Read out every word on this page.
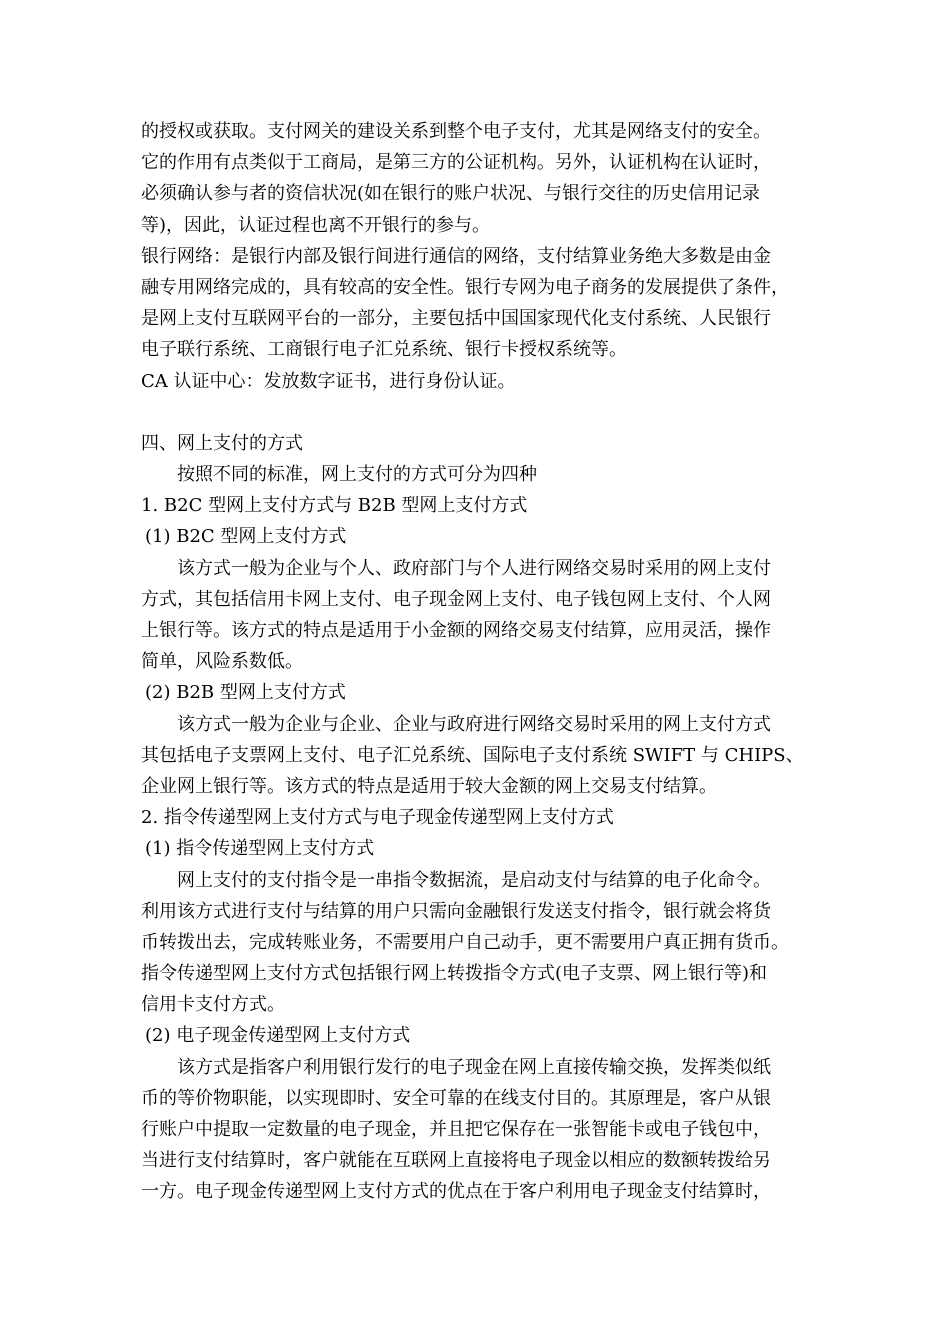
的授权或获取。支付网关的建设关系到整个电子支付，尤其是网络支付的安全。
它的作用有点类似于工商局，是第三方的公证机构。另外，认证机构在认证时，
必须确认参与者的资信状况(如在银行的账户状况、与银行交往的历史信用记录
等)，因此，认证过程也离不开银行的参与。
银行网络：是银行内部及银行间进行通信的网络，支付结算业务绝大多数是由金
融专用网络完成的，具有较高的安全性。银行专网为电子商务的发展提供了条件，
是网上支付互联网平台的一部分，主要包括中国国家现代化支付系统、人民银行
电子联行系统、工商银行电子汇兑系统、银行卡授权系统等。
CA 认证中心：发放数字证书，进行身份认证。
四、网上支付的方式
按照不同的标准，网上支付的方式可分为四种
1. B2C 型网上支付方式与 B2B 型网上支付方式
(1) B2C 型网上支付方式
该方式一般为企业与个人、政府部门与个人进行网络交易时采用的网上支付
方式，其包括信用卡网上支付、电子现金网上支付、电子钱包网上支付、个人网
上银行等。该方式的特点是适用于小金额的网络交易支付结算，应用灵活，操作
简单，风险系数低。
(2) B2B 型网上支付方式
该方式一般为企业与企业、企业与政府进行网络交易时采用的网上支付方式
其包括电子支票网上支付、电子汇兑系统、国际电子支付系统 SWIFT 与 CHIPS、
企业网上银行等。该方式的特点是适用于较大金额的网上交易支付结算。
2. 指令传递型网上支付方式与电子现金传递型网上支付方式
(1) 指令传递型网上支付方式
网上支付的支付指令是一串指令数据流，是启动支付与结算的电子化命令。
利用该方式进行支付与结算的用户只需向金融银行发送支付指令，银行就会将货
币转拨出去，完成转账业务，不需要用户自己动手，更不需要用户真正拥有货币。
指令传递型网上支付方式包括银行网上转拨指令方式(电子支票、网上银行等)和
信用卡支付方式。
(2) 电子现金传递型网上支付方式
该方式是指客户利用银行发行的电子现金在网上直接传输交换，发挥类似纸
币的等价物职能，以实现即时、安全可靠的在线支付目的。其原理是，客户从银
行账户中提取一定数量的电子现金，并且把它保存在一张智能卡或电子钱包中，
当进行支付结算时，客户就能在互联网上直接将电子现金以相应的数额转拨给另
一方。电子现金传递型网上支付方式的优点在于客户利用电子现金支付结算时，
